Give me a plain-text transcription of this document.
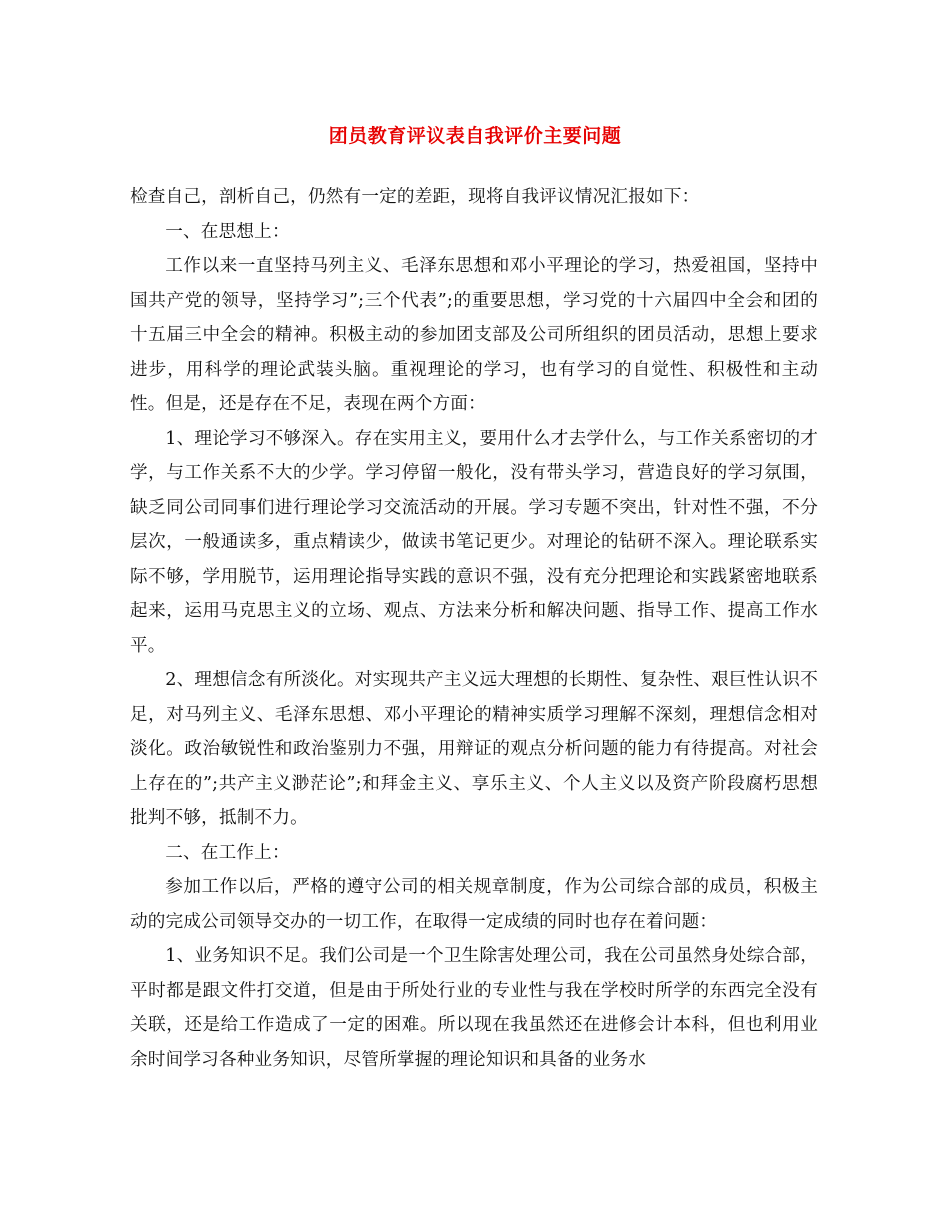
团员教育评议表自我评价主要问题

检查自己，剖析自己，仍然有一定的差距，现将自我评议情况汇报如下：

一、在思想上：

工作以来一直坚持马列主义、毛泽东思想和邓小平理论的学习，热爱祖国，坚持中国共产党的领导，坚持学习”;三个代表”;的重要思想，学习党的十六届四中全会和团的十五届三中全会的精神。积极主动的参加团支部及公司所组织的团员活动，思想上要求进步，用科学的理论武装头脑。重视理论的学习，也有学习的自觉性、积极性和主动性。但是，还是存在不足，表现在两个方面：

1、理论学习不够深入。存在实用主义，要用什么才去学什么，与工作关系密切的才学，与工作关系不大的少学。学习停留一般化，没有带头学习，营造良好的学习氛围，缺乏同公司同事们进行理论学习交流活动的开展。学习专题不突出，针对性不强，不分层次，一般通读多，重点精读少，做读书笔记更少。对理论的钻研不深入。理论联系实际不够，学用脱节，运用理论指导实践的意识不强，没有充分把理论和实践紧密地联系起来，运用马克思主义的立场、观点、方法来分析和解决问题、指导工作、提高工作水平。

2、理想信念有所淡化。对实现共产主义远大理想的长期性、复杂性、艰巨性认识不足，对马列主义、毛泽东思想、邓小平理论的精神实质学习理解不深刻，理想信念相对淡化。政治敏锐性和政治鉴别力不强，用辩证的观点分析问题的能力有待提高。对社会上存在的”;共产主义渺茫论”;和拜金主义、享乐主义、个人主义以及资产阶段腐朽思想批判不够，抵制不力。

二、在工作上：

参加工作以后，严格的遵守公司的相关规章制度，作为公司综合部的成员，积极主动的完成公司领导交办的一切工作，在取得一定成绩的同时也存在着问题：

1、业务知识不足。我们公司是一个卫生除害处理公司，我在公司虽然身处综合部，平时都是跟文件打交道，但是由于所处行业的专业性与我在学校时所学的东西完全没有关联，还是给工作造成了一定的困难。所以现在我虽然还在进修会计本科，但也利用业余时间学习各种业务知识，尽管所掌握的理论知识和具备的业务水
